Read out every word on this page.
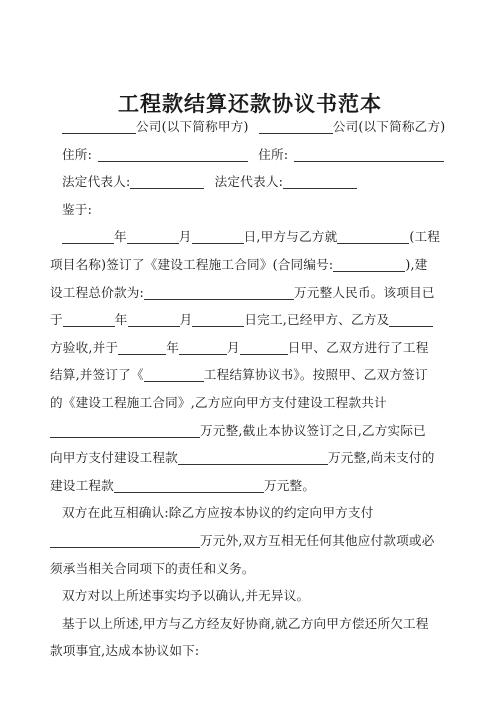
工程款结算还款协议书范本
公司(以下简称甲方)	公司(以下简称乙方)
住所:	住所:
法定代表人:	法定代表人:
鉴于:
年	月	日,甲方与乙方就	(工程
项目名称)签订了《建设工程施工合同》(合同编号:	),建
设工程总价款为:	万元整人民币。该项目已
于	年	月	日完工,已经甲方、乙方及
方验收,并于	年	月	日甲、乙双方进行了工程
结算,并签订了《	工程结算协议书》。按照甲、乙双方签订
的《建设工程施工合同》,乙方应向甲方支付建设工程款共计
万元整,截止本协议签订之日,乙方实际已
向甲方支付建设工程款	万元整,尚未支付的
建设工程款	万元整。
双方在此互相确认:除乙方应按本协议的约定向甲方支付
万元外,双方互相无任何其他应付款项或必
须承当相关合同项下的责任和义务。
双方对以上所述事实均予以确认,并无异议。
基于以上所述,甲方与乙方经友好协商,就乙方向甲方偿还所欠工程
款项事宜,达成本协议如下:
